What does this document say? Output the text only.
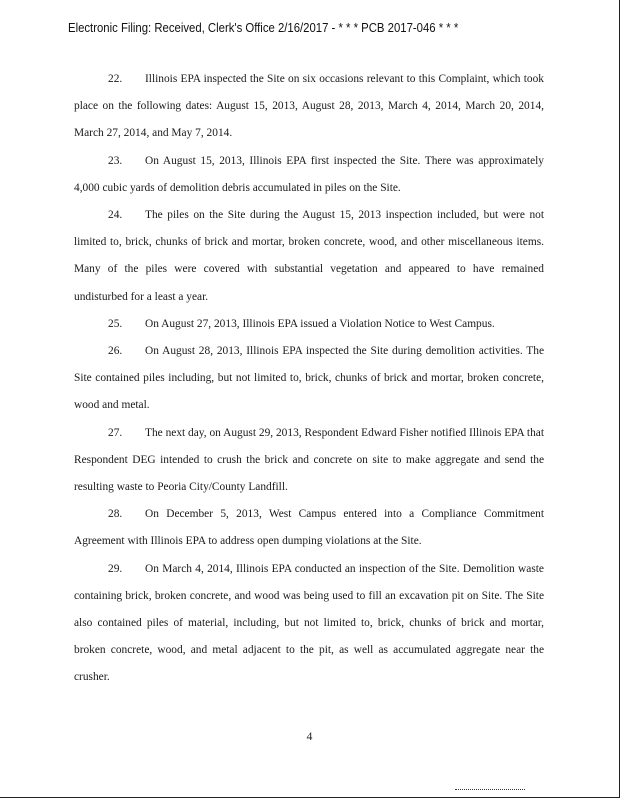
Electronic Filing: Received, Clerk's Office 2/16/2017 - * * * PCB 2017-046 * * *

22. Illinois EPA inspected the Site on six occasions relevant to this Complaint, which took place on the following dates: August 15, 2013, August 28, 2013, March 4, 2014, March 20, 2014, March 27, 2014, and May 7, 2014.

23. On August 15, 2013, Illinois EPA first inspected the Site. There was approximately 4,000 cubic yards of demolition debris accumulated in piles on the Site.

24. The piles on the Site during the August 15, 2013 inspection included, but were not limited to, brick, chunks of brick and mortar, broken concrete, wood, and other miscellaneous items. Many of the piles were covered with substantial vegetation and appeared to have remained undisturbed for a least a year.

25. On August 27, 2013, Illinois EPA issued a Violation Notice to West Campus.

26. On August 28, 2013, Illinois EPA inspected the Site during demolition activities. The Site contained piles including, but not limited to, brick, chunks of brick and mortar, broken concrete, wood and metal.

27. The next day, on August 29, 2013, Respondent Edward Fisher notified Illinois EPA that Respondent DEG intended to crush the brick and concrete on site to make aggregate and send the resulting waste to Peoria City/County Landfill.

28. On December 5, 2013, West Campus entered into a Compliance Commitment Agreement with Illinois EPA to address open dumping violations at the Site.

29. On March 4, 2014, Illinois EPA conducted an inspection of the Site. Demolition waste containing brick, broken concrete, and wood was being used to fill an excavation pit on Site. The Site also contained piles of material, including, but not limited to, brick, chunks of brick and mortar, broken concrete, wood, and metal adjacent to the pit, as well as accumulated aggregate near the crusher.

4
